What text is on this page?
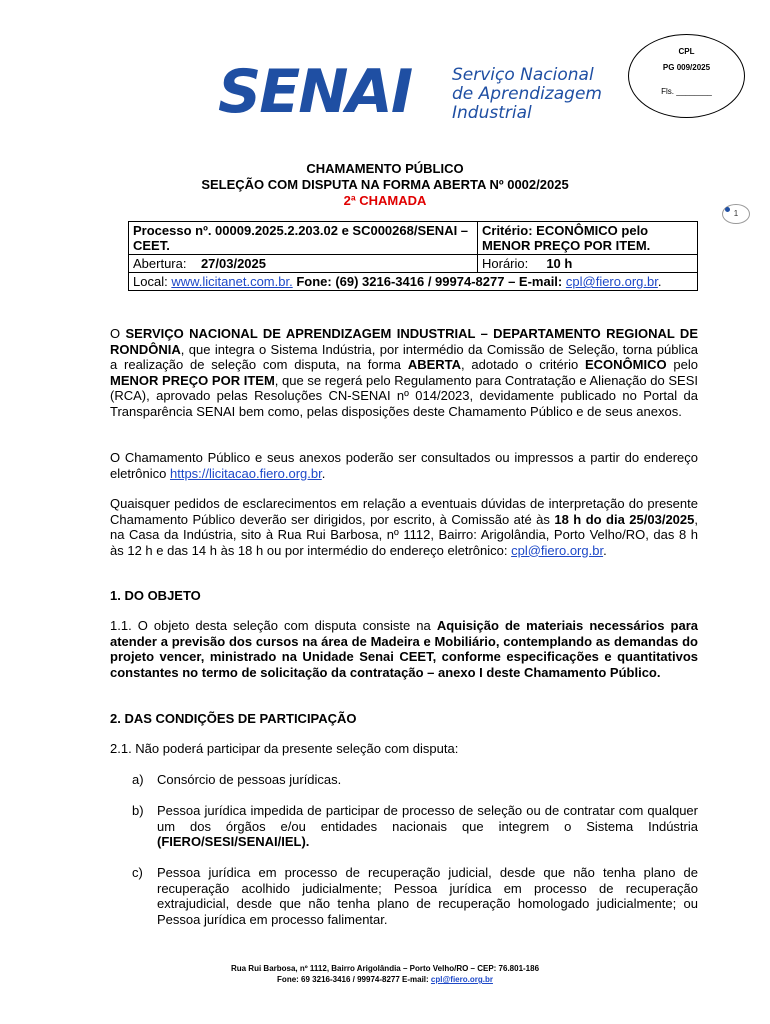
SENAI Serviço Nacional
de Aprendizagem
Industrial
CPL
PG 009/2025
Fls. ________
1
CHAMAMENTO PÚBLICO
SELEÇÃO COM DISPUTA NA FORMA ABERTA Nº 0002/2025
2ª CHAMADA
Processo nº. 00009.2025.2.203.02 e SC000268/SENAI – CEET.	Critério: ECONÔMICO pelo MENOR PREÇO POR ITEM.
Abertura: 27/03/2025	Horário: 10 h
Local: www.licitanet.com.br. Fone: (69) 3216-3416 / 99974-8277 – E-mail: cpl@fiero.org.br.	
O SERVIÇO NACIONAL DE APRENDIZAGEM INDUSTRIAL – DEPARTAMENTO REGIONAL DE RONDÔNIA, que integra o Sistema Indústria, por intermédio da Comissão de Seleção, torna pública a realização de seleção com disputa, na forma ABERTA, adotado o critério ECONÔMICO pelo MENOR PREÇO POR ITEM, que se regerá pelo Regulamento para Contratação e Alienação do SESI (RCA), aprovado pelas Resoluções CN-SENAI nº 014/2023, devidamente publicado no Portal da Transparência SENAI bem como, pelas disposições deste Chamamento Público e de seus anexos.
O Chamamento Público e seus anexos poderão ser consultados ou impressos a partir do endereço eletrônico https://licitacao.fiero.org.br.
Quaisquer pedidos de esclarecimentos em relação a eventuais dúvidas de interpretação do presente Chamamento Público deverão ser dirigidos, por escrito, à Comissão até às 18 h do dia 25/03/2025, na Casa da Indústria, sito à Rua Rui Barbosa, nº 1112, Bairro: Arigolândia, Porto Velho/RO, das 8 h às 12 h e das 14 h às 18 h ou por intermédio do endereço eletrônico: cpl@fiero.org.br.
1. DO OBJETO
1.1. O objeto desta seleção com disputa consiste na Aquisição de materiais necessários para atender a previsão dos cursos na área de Madeira e Mobiliário, contemplando as demandas do projeto vencer, ministrado na Unidade Senai CEET, conforme especificações e quantitativos constantes no termo de solicitação da contratação – anexo I deste Chamamento Público.
2. DAS CONDIÇÕES DE PARTICIPAÇÃO
2.1. Não poderá participar da presente seleção com disputa:
a)	Consórcio de pessoas jurídicas.
b)	Pessoa jurídica impedida de participar de processo de seleção ou de contratar com qualquer um dos órgãos e/ou entidades nacionais que integrem o Sistema Indústria (FIERO/SESI/SENAI/IEL).
c)	Pessoa jurídica em processo de recuperação judicial, desde que não tenha plano de recuperação acolhido judicialmente; Pessoa jurídica em processo de recuperação extrajudicial, desde que não tenha plano de recuperação homologado judicialmente; ou Pessoa jurídica em processo falimentar.
Rua Rui Barbosa, nº 1112, Bairro Arigolândia – Porto Velho/RO – CEP: 76.801-186
Fone: 69 3216-3416 / 99974-8277 E-mail: cpl@fiero.org.br
